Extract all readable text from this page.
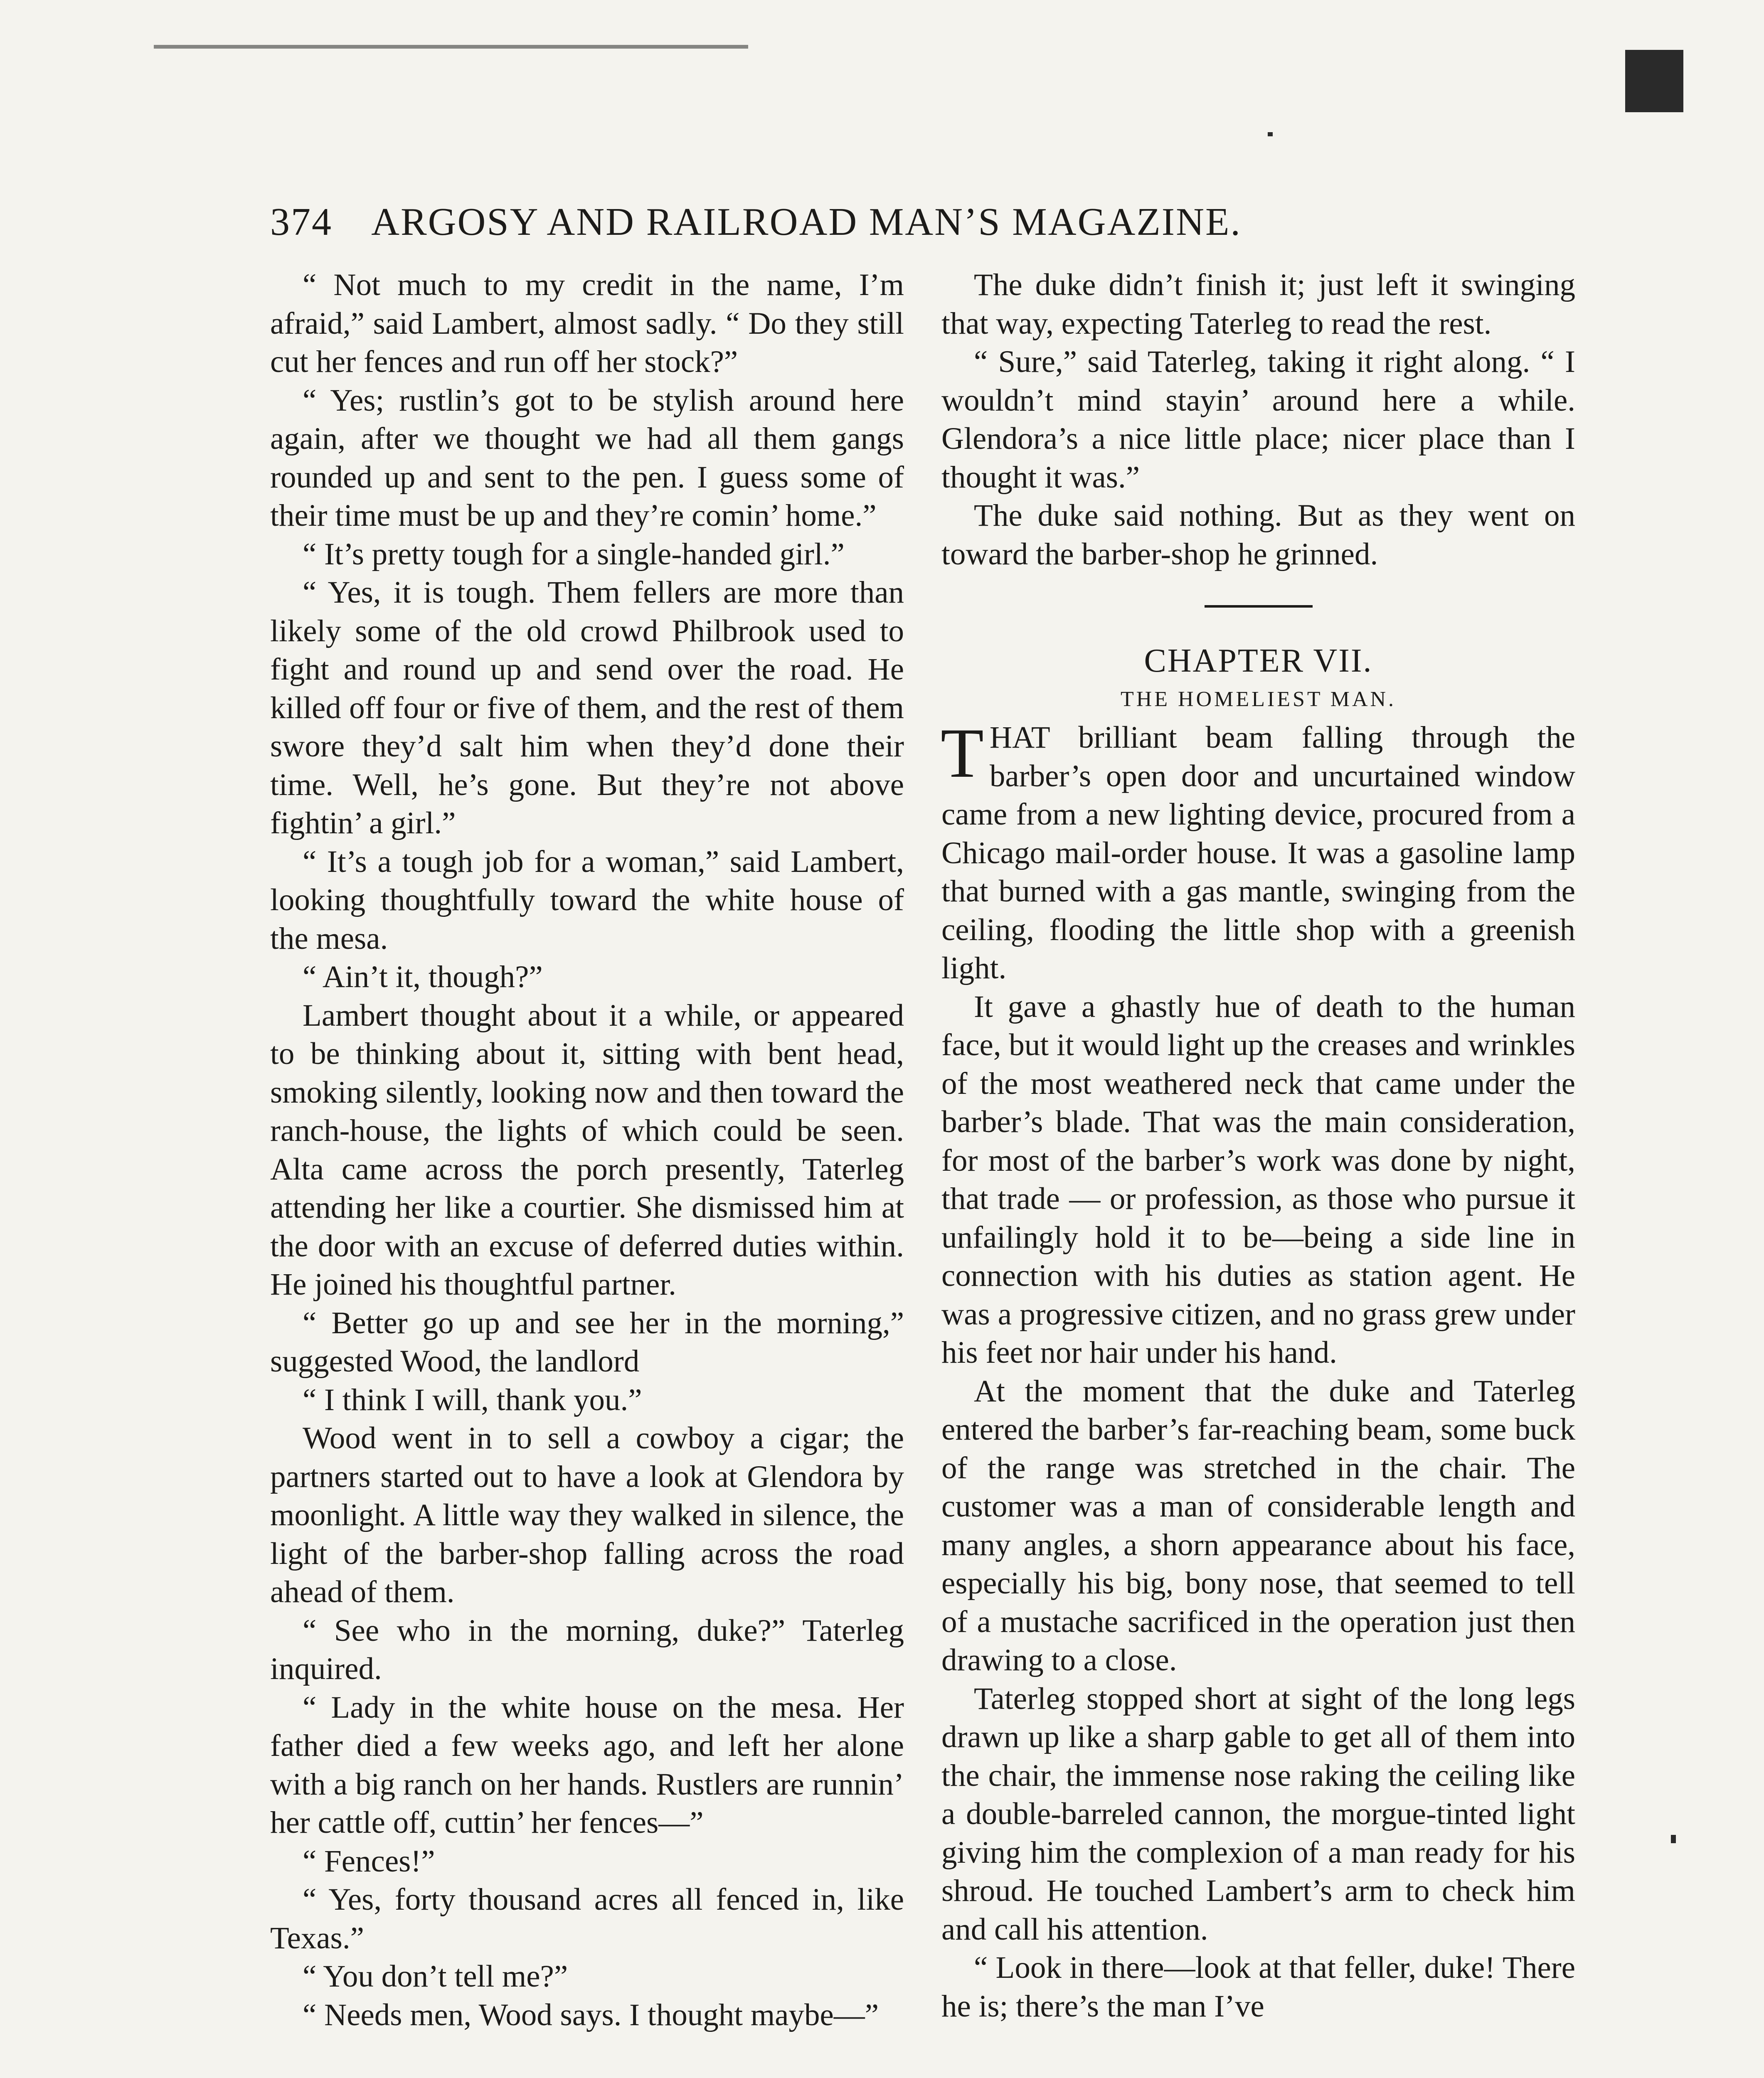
374 ARGOSY AND RAILROAD MAN’S MAGAZINE.

“ Not much to my credit in the name, I’m afraid,” said Lambert, almost sadly. “ Do they still cut her fences and run off her stock?”

“ Yes; rustlin’s got to be stylish around here again, after we thought we had all them gangs rounded up and sent to the pen. I guess some of their time must be up and they’re comin’ home.”

“ It’s pretty tough for a single-handed girl.”

“ Yes, it is tough. Them fellers are more than likely some of the old crowd Philbrook used to fight and round up and send over the road. He killed off four or five of them, and the rest of them swore they’d salt him when they’d done their time. Well, he’s gone. But they’re not above fightin’ a girl.”

“ It’s a tough job for a woman,” said Lambert, looking thoughtfully toward the white house of the mesa.

“ Ain’t it, though?”

Lambert thought about it a while, or appeared to be thinking about it, sitting with bent head, smoking silently, looking now and then toward the ranch-house, the lights of which could be seen. Alta came across the porch presently, Taterleg attending her like a courtier. She dismissed him at the door with an excuse of deferred duties within. He joined his thoughtful partner.

“ Better go up and see her in the morning,” suggested Wood, the landlord

“ I think I will, thank you.”

Wood went in to sell a cowboy a cigar; the partners started out to have a look at Glendora by moonlight. A little way they walked in silence, the light of the barber-shop falling across the road ahead of them.

“ See who in the morning, duke?” Taterleg inquired.

“ Lady in the white house on the mesa. Her father died a few weeks ago, and left her alone with a big ranch on her hands. Rustlers are runnin’ her cattle off, cuttin’ her fences—”

“ Fences!”

“ Yes, forty thousand acres all fenced in, like Texas.”

“ You don’t tell me?”

“ Needs men, Wood says. I thought maybe—”

The duke didn’t finish it; just left it swinging that way, expecting Taterleg to read the rest.

“ Sure,” said Taterleg, taking it right along. “ I wouldn’t mind stayin’ around here a while. Glendora’s a nice little place; nicer place than I thought it was.”

The duke said nothing. But as they went on toward the barber-shop he grinned.

CHAPTER VII.

THE HOMELIEST MAN.

THAT brilliant beam falling through the barber’s open door and uncurtained window came from a new lighting device, procured from a Chicago mail-order house. It was a gasoline lamp that burned with a gas mantle, swinging from the ceiling, flooding the little shop with a greenish light.

It gave a ghastly hue of death to the human face, but it would light up the creases and wrinkles of the most weathered neck that came under the barber’s blade. That was the main consideration, for most of the barber’s work was done by night, that trade — or profession, as those who pursue it unfailingly hold it to be—being a side line in connection with his duties as station agent. He was a progressive citizen, and no grass grew under his feet nor hair under his hand.

At the moment that the duke and Taterleg entered the barber’s far-reaching beam, some buck of the range was stretched in the chair. The customer was a man of considerable length and many angles, a shorn appearance about his face, especially his big, bony nose, that seemed to tell of a mustache sacrificed in the operation just then drawing to a close.

Taterleg stopped short at sight of the long legs drawn up like a sharp gable to get all of them into the chair, the immense nose raking the ceiling like a double-barreled cannon, the morgue-tinted light giving him the complexion of a man ready for his shroud. He touched Lambert’s arm to check him and call his attention.

“ Look in there—look at that feller, duke! There he is; there’s the man I’ve
